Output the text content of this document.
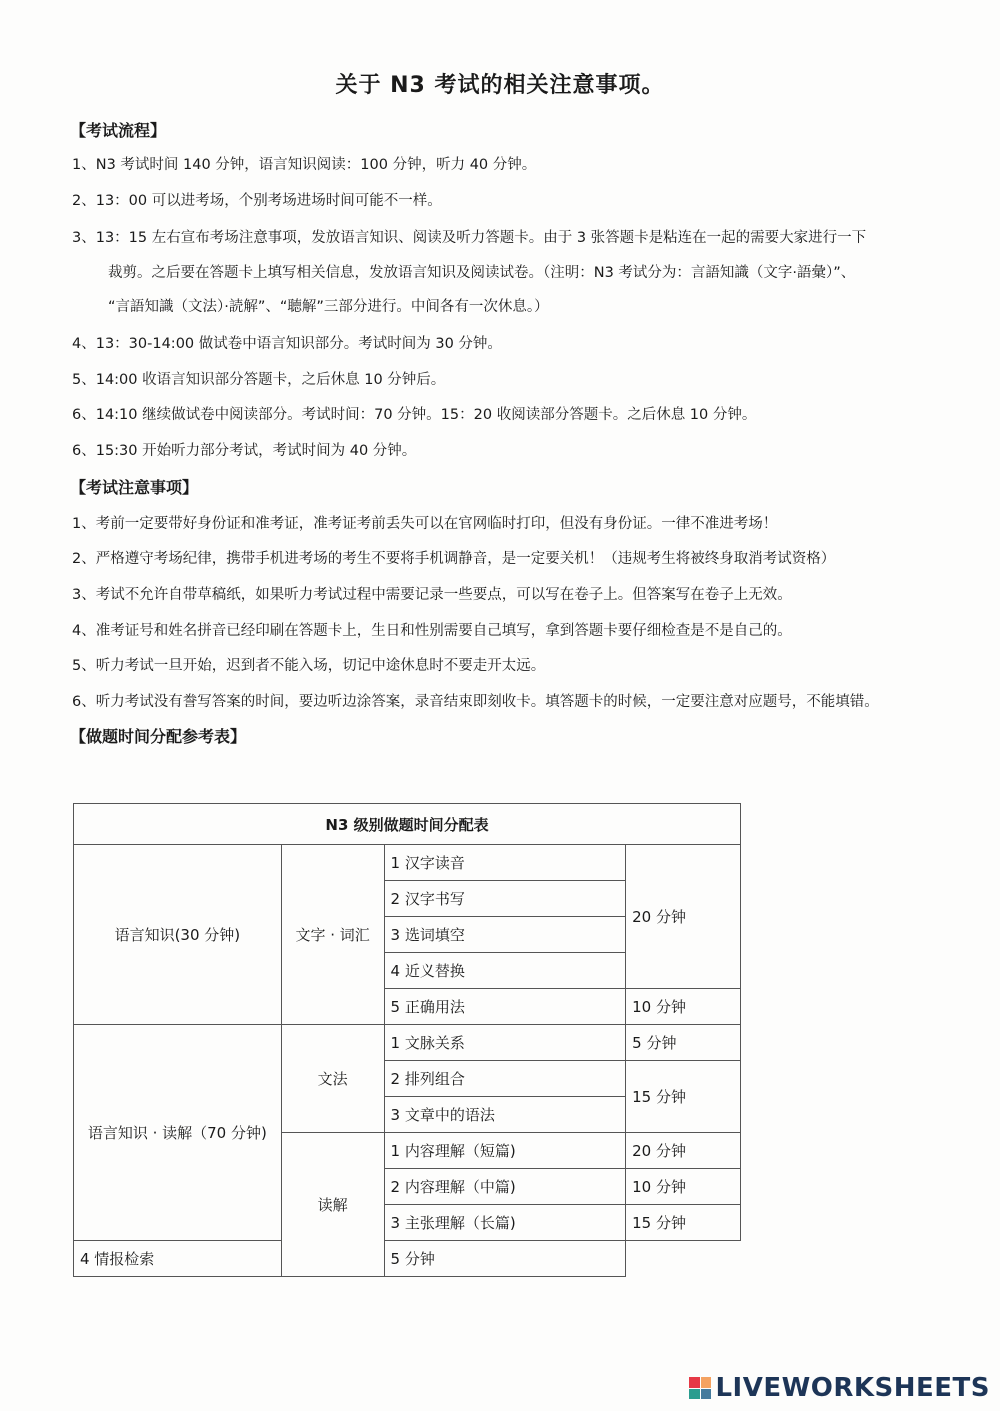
关于 N3 考试的相关注意事项。
【考试流程】
1、N3 考试时间 140 分钟，语言知识阅读：100 分钟，听力 40 分钟。
2、13：00 可以进考场，个别考场进场时间可能不一样。
3、13：15 左右宣布考场注意事项，发放语言知识、阅读及听力答题卡。由于 3 张答题卡是粘连在一起的需要大家进行一下
裁剪。之后要在答题卡上填写相关信息，发放语言知识及阅读试卷。（注明：N3 考试分为：言語知識（文字·語彙）”、
“言語知識（文法）·読解”、“聴解”三部分进行。中间各有一次休息。）
4、13：30-14:00 做试卷中语言知识部分。考试时间为 30 分钟。
5、14:00 收语言知识部分答题卡，之后休息 10 分钟后。
6、14:10 继续做试卷中阅读部分。考试时间：70 分钟。15：20 收阅读部分答题卡。之后休息 10 分钟。
6、15:30 开始听力部分考试，考试时间为 40 分钟。
【考试注意事项】
1、考前一定要带好身份证和准考证，准考证考前丢失可以在官网临时打印，但没有身份证。一律不准进考场！
2、严格遵守考场纪律，携带手机进考场的考生不要将手机调静音，是一定要关机！（违规考生将被终身取消考试资格）
3、考试不允许自带草稿纸，如果听力考试过程中需要记录一些要点，可以写在卷子上。但答案写在卷子上无效。
4、准考证号和姓名拼音已经印刷在答题卡上，生日和性别需要自己填写，拿到答题卡要仔细检查是不是自己的。
5、听力考试一旦开始，迟到者不能入场，切记中途休息时不要走开太远。
6、听力考试没有誊写答案的时间，要边听边涂答案，录音结束即刻收卡。填答题卡的时候，一定要注意对应题号，不能填错。
【做题时间分配参考表】
N3 级别做题时间分配表			
语言知识(30 分钟)	文字 · 词汇	1 汉字读音	20 分钟
		2 汉字书写	
		3 选词填空	
		4 近义替换	
		5 正确用法	10 分钟
语言知识 · 读解（70 分钟)	文法	1 文脉关系	5 分钟
		2 排列组合	15 分钟
		3 文章中的语法	
	读解	1 内容理解（短篇)	20 分钟
		2 内容理解（中篇)	10 分钟
		3 主张理解（长篇)	15 分钟
4 情报检索		5 分钟	
LIVEWORKSHEETS
